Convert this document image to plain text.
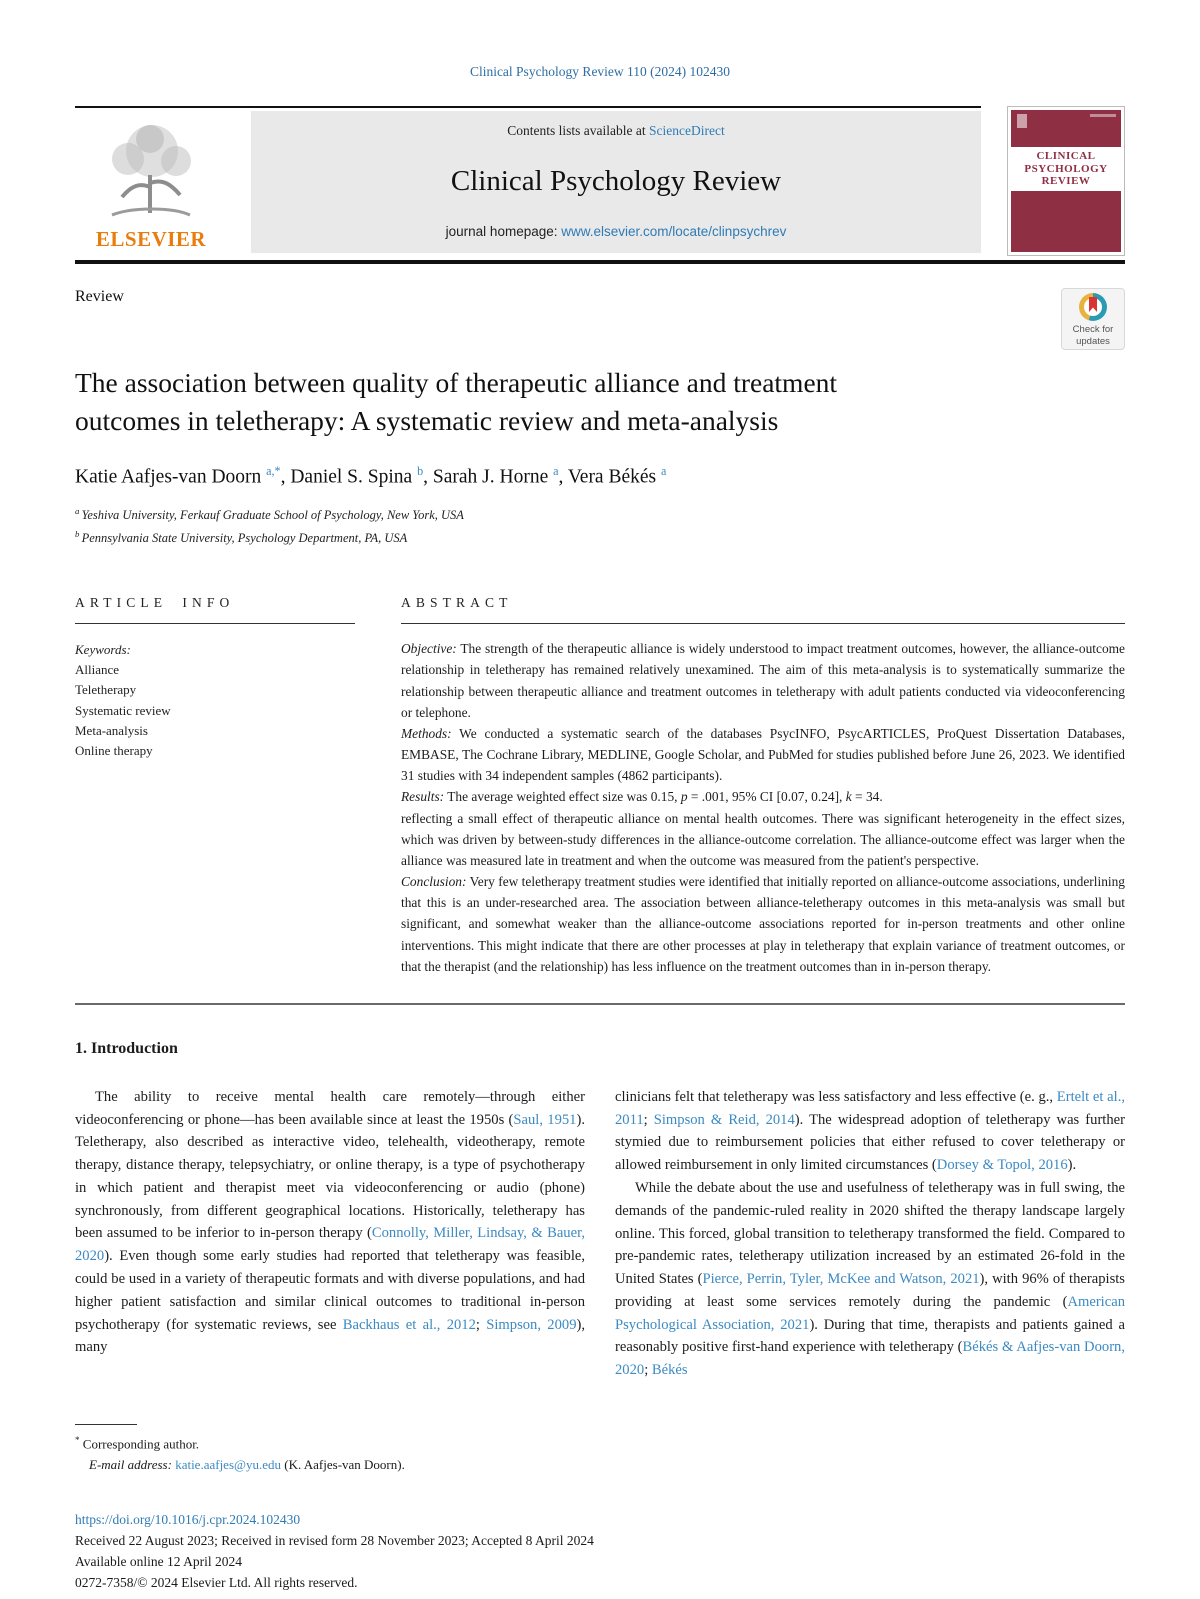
Clinical Psychology Review 110 (2024) 102430
ELSEVIER
Contents lists available at ScienceDirect
Clinical Psychology Review
journal homepage: www.elsevier.com/locate/clinpsychrev
CLINICAL
PSYCHOLOGY
REVIEW
Review
Check for
updates
The association between quality of therapeutic alliance and treatment outcomes in teletherapy: A systematic review and meta-analysis
Katie Aafjes-van Doorn $^{a,*}$, Daniel S. Spina $^b$, Sarah J. Horne $^a$, Vera Békés $^a$
$^a$ Yeshiva University, Ferkauf Graduate School of Psychology, New York, USA
$^b$ Pennsylvania State University, Psychology Department, PA, USA
ARTICLE INFO
Keywords:
Alliance
Teletherapy
Systematic review
Meta-analysis
Online therapy
ABSTRACT

Objective: The strength of the therapeutic alliance is widely understood to impact treatment outcomes, however, the alliance-outcome relationship in teletherapy has remained relatively unexamined. The aim of this meta-analysis is to systematically summarize the relationship between therapeutic alliance and treatment outcomes in teletherapy with adult patients conducted via videoconferencing or telephone.

Methods: We conducted a systematic search of the databases PsycINFO, PsycARTICLES, ProQuest Dissertation Databases, EMBASE, The Cochrane Library, MEDLINE, Google Scholar, and PubMed for studies published before June 26, 2023. We identified 31 studies with 34 independent samples (4862 participants).

Results: The average weighted effect size was 0.15, p = .001, 95% CI [0.07, 0.24], k = 34.

reflecting a small effect of therapeutic alliance on mental health outcomes. There was significant heterogeneity in the effect sizes, which was driven by between-study differences in the alliance-outcome correlation. The alliance-outcome effect was larger when the alliance was measured late in treatment and when the outcome was measured from the patient's perspective.

Conclusion: Very few teletherapy treatment studies were identified that initially reported on alliance-outcome associations, underlining that this is an under-researched area. The association between alliance-teletherapy outcomes in this meta-analysis was small but significant, and somewhat weaker than the alliance-outcome associations reported for in-person treatments and other online interventions. This might indicate that there are other processes at play in teletherapy that explain variance of treatment outcomes, or that the therapist (and the relationship) has less influence on the treatment outcomes than in in-person therapy.

1. Introduction

The ability to receive mental health care remotely—through either videoconferencing or phone—has been available since at least the 1950s (Saul, 1951). Teletherapy, also described as interactive video, telehealth, videotherapy, remote therapy, distance therapy, telepsychiatry, or online therapy, is a type of psychotherapy in which patient and therapist meet via videoconferencing or audio (phone) synchronously, from different geographical locations. Historically, teletherapy has been assumed to be inferior to in-person therapy (Connolly, Miller, Lindsay, & Bauer, 2020). Even though some early studies had reported that teletherapy was feasible, could be used in a variety of therapeutic formats and with diverse populations, and had higher patient satisfaction and similar clinical outcomes to traditional in-person psychotherapy (for systematic reviews, see Backhaus et al., 2012; Simpson, 2009), many

clinicians felt that teletherapy was less satisfactory and less effective (e. g., Ertelt et al., 2011; Simpson & Reid, 2014). The widespread adoption of teletherapy was further stymied due to reimbursement policies that either refused to cover teletherapy or allowed reimbursement in only limited circumstances (Dorsey & Topol, 2016).

While the debate about the use and usefulness of teletherapy was in full swing, the demands of the pandemic-ruled reality in 2020 shifted the therapy landscape largely online. This forced, global transition to teletherapy transformed the field. Compared to pre-pandemic rates, teletherapy utilization increased by an estimated 26-fold in the United States (Pierce, Perrin, Tyler, McKee and Watson, 2021), with 96% of therapists providing at least some services remotely during the pandemic (American Psychological Association, 2021). During that time, therapists and patients gained a reasonably positive first-hand experience with teletherapy (Békés & Aafjes-van Doorn, 2020; Békés

* Corresponding author.
E-mail address: katie.aafjes@yu.edu (K. Aafjes-van Doorn).
https://doi.org/10.1016/j.cpr.2024.102430
Received 22 August 2023; Received in revised form 28 November 2023; Accepted 8 April 2024
Available online 12 April 2024
0272-7358/© 2024 Elsevier Ltd. All rights reserved.
